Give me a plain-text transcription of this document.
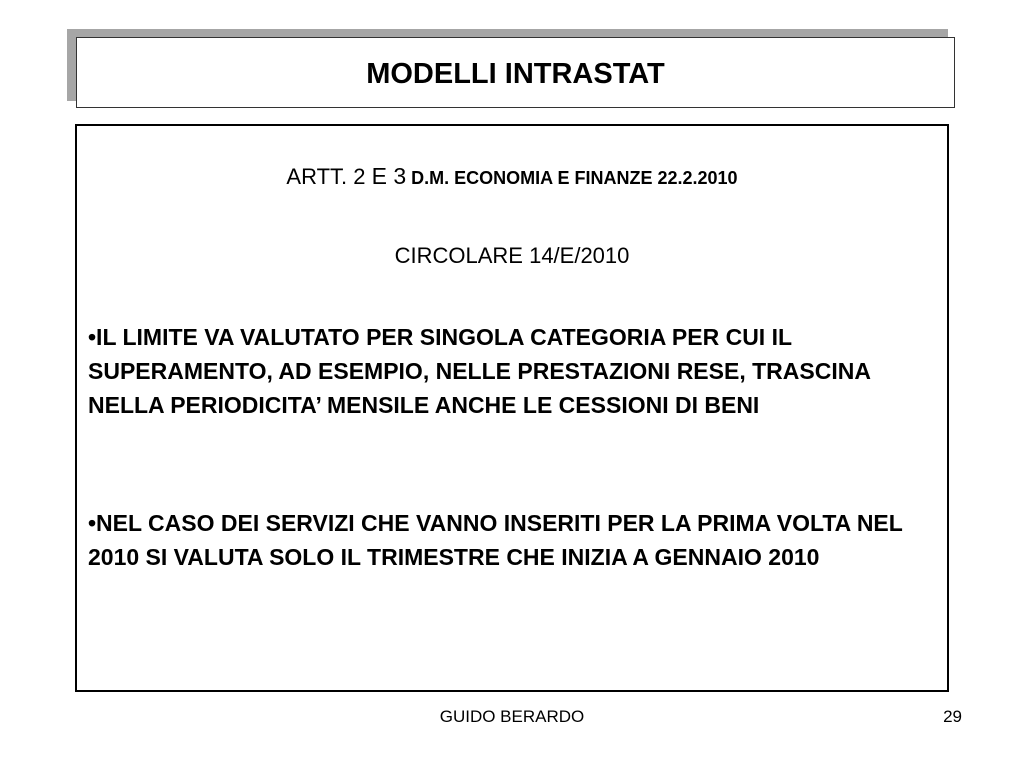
MODELLI INTRASTAT
ARTT. 2 E 3 D.M. ECONOMIA E FINANZE 22.2.2010
CIRCOLARE 14/E/2010
•IL LIMITE VA VALUTATO PER SINGOLA CATEGORIA PER CUI IL SUPERAMENTO, AD ESEMPIO, NELLE PRESTAZIONI RESE, TRASCINA NELLA PERIODICITA’ MENSILE ANCHE LE CESSIONI DI BENI
•NEL CASO DEI SERVIZI CHE VANNO INSERITI PER LA PRIMA VOLTA NEL 2010 SI VALUTA SOLO IL TRIMESTRE CHE INIZIA A GENNAIO 2010
GUIDO BERARDO	29
